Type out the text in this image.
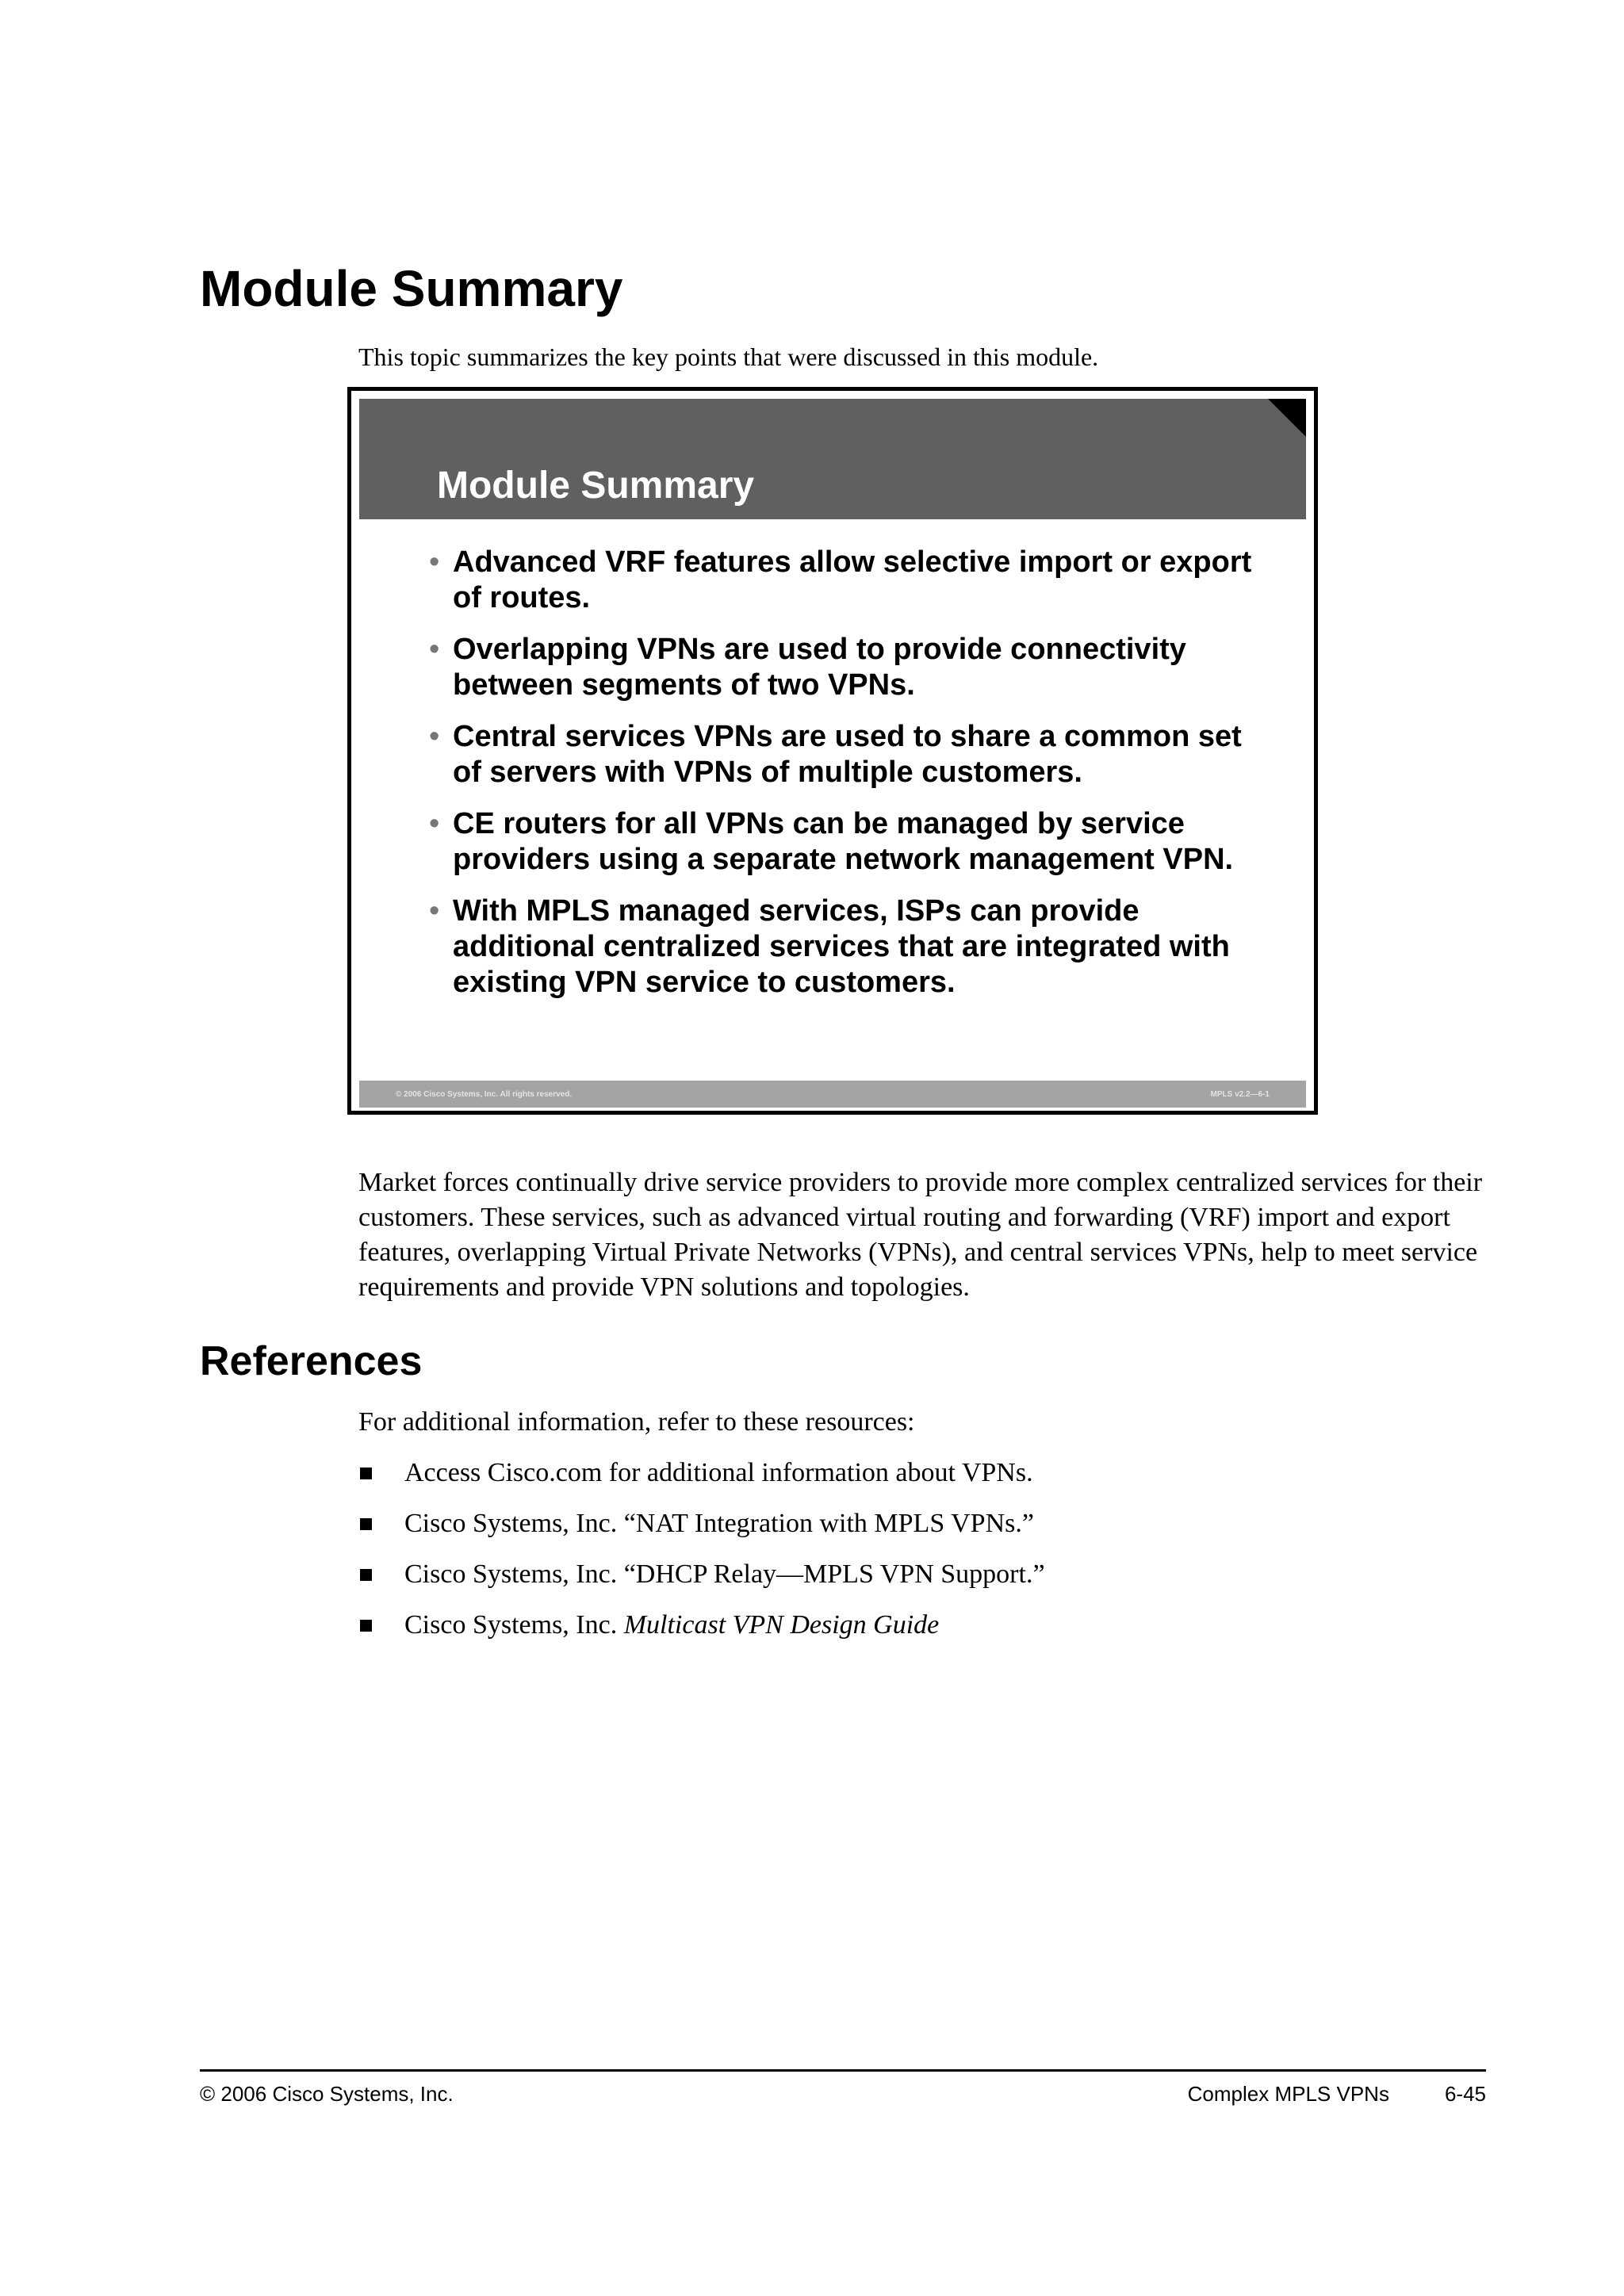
Module Summary

This topic summarizes the key points that were discussed in this module.

Module Summary
• Advanced VRF features allow selective import or export of routes.
• Overlapping VPNs are used to provide connectivity between segments of two VPNs.
• Central services VPNs are used to share a common set of servers with VPNs of multiple customers.
• CE routers for all VPNs can be managed by service providers using a separate network management VPN.
• With MPLS managed services, ISPs can provide additional centralized services that are integrated with existing VPN service to customers.
© 2006 Cisco Systems, Inc. All rights reserved.	MPLS v2.2—6-1

Market forces continually drive service providers to provide more complex centralized services for their customers. These services, such as advanced virtual routing and forwarding (VRF) import and export features, overlapping Virtual Private Networks (VPNs), and central services VPNs, help to meet service requirements and provide VPN solutions and topologies.

References

For additional information, refer to these resources:

Access Cisco.com for additional information about VPNs.
Cisco Systems, Inc. “NAT Integration with MPLS VPNs.”
Cisco Systems, Inc. “DHCP Relay—MPLS VPN Support.”
Cisco Systems, Inc. Multicast VPN Design Guide
© 2006 Cisco Systems, Inc.	Complex MPLS VPNs	6-45
